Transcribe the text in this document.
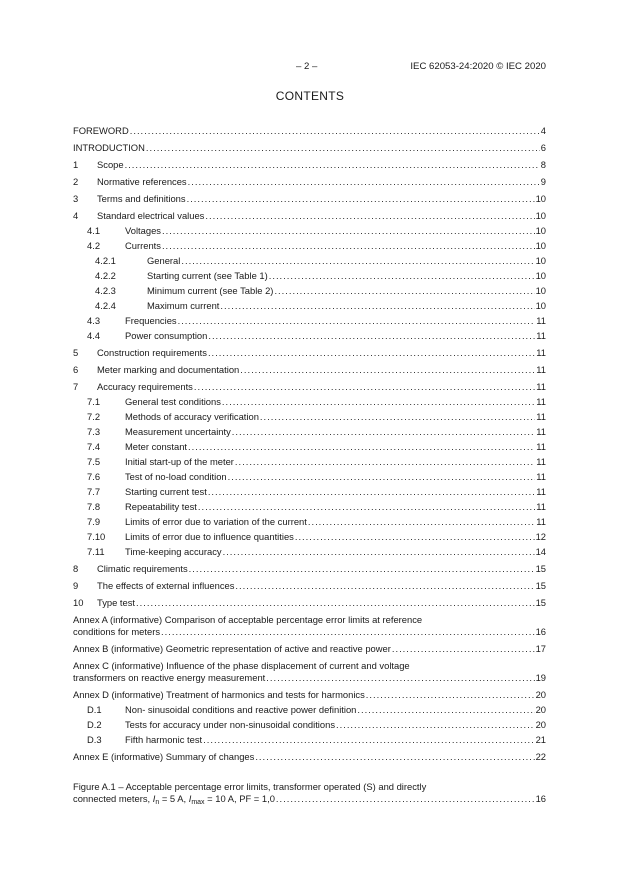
– 2 –	IEC 62053-24:2020 © IEC 2020
CONTENTS
FOREWORD .....	4
INTRODUCTION .....	6
1	Scope .....	8
2	Normative references .....	9
3	Terms and definitions .....	10
4	Standard electrical values .....	10
4.1	Voltages .....	10
4.2	Currents .....	10
4.2.1	General .....	10
4.2.2	Starting current (see Table 1) .....	10
4.2.3	Minimum current (see Table 2) .....	10
4.2.4	Maximum current .....	10
4.3	Frequencies .....	11
4.4	Power consumption .....	11
5	Construction requirements .....	11
6	Meter marking and documentation .....	11
7	Accuracy requirements .....	11
7.1	General test conditions .....	11
7.2	Methods of accuracy verification .....	11
7.3	Measurement uncertainty .....	11
7.4	Meter constant .....	11
7.5	Initial start-up of the meter .....	11
7.6	Test of no-load condition .....	11
7.7	Starting current test .....	11
7.8	Repeatability test .....	11
7.9	Limits of error due to variation of the current .....	11
7.10	Limits of error due to influence quantities .....	12
7.11	Time-keeping accuracy .....	14
8	Climatic requirements .....	15
9	The effects of external influences .....	15
10	Type test .....	15
Annex A (informative) Comparison of acceptable percentage error limits at reference
conditions for meters .....	16
Annex B (informative) Geometric representation of active and reactive power .....	17
Annex C (informative) Influence of the phase displacement of current and voltage
transformers on reactive energy measurement .....	19
Annex D (informative) Treatment of harmonics and tests for harmonics .....	20
D.1	Non- sinusoidal conditions and reactive power definition .....	20
D.2	Tests for accuracy under non-sinusoidal conditions .....	20
D.3	Fifth harmonic test .....	21
Annex E (informative) Summary of changes .....	22
Figure A.1 – Acceptable percentage error limits, transformer operated (S) and directly
connected meters, $I_n = 5$ A, $I_{max} = 10$ A, PF = 1,0 .....	16
